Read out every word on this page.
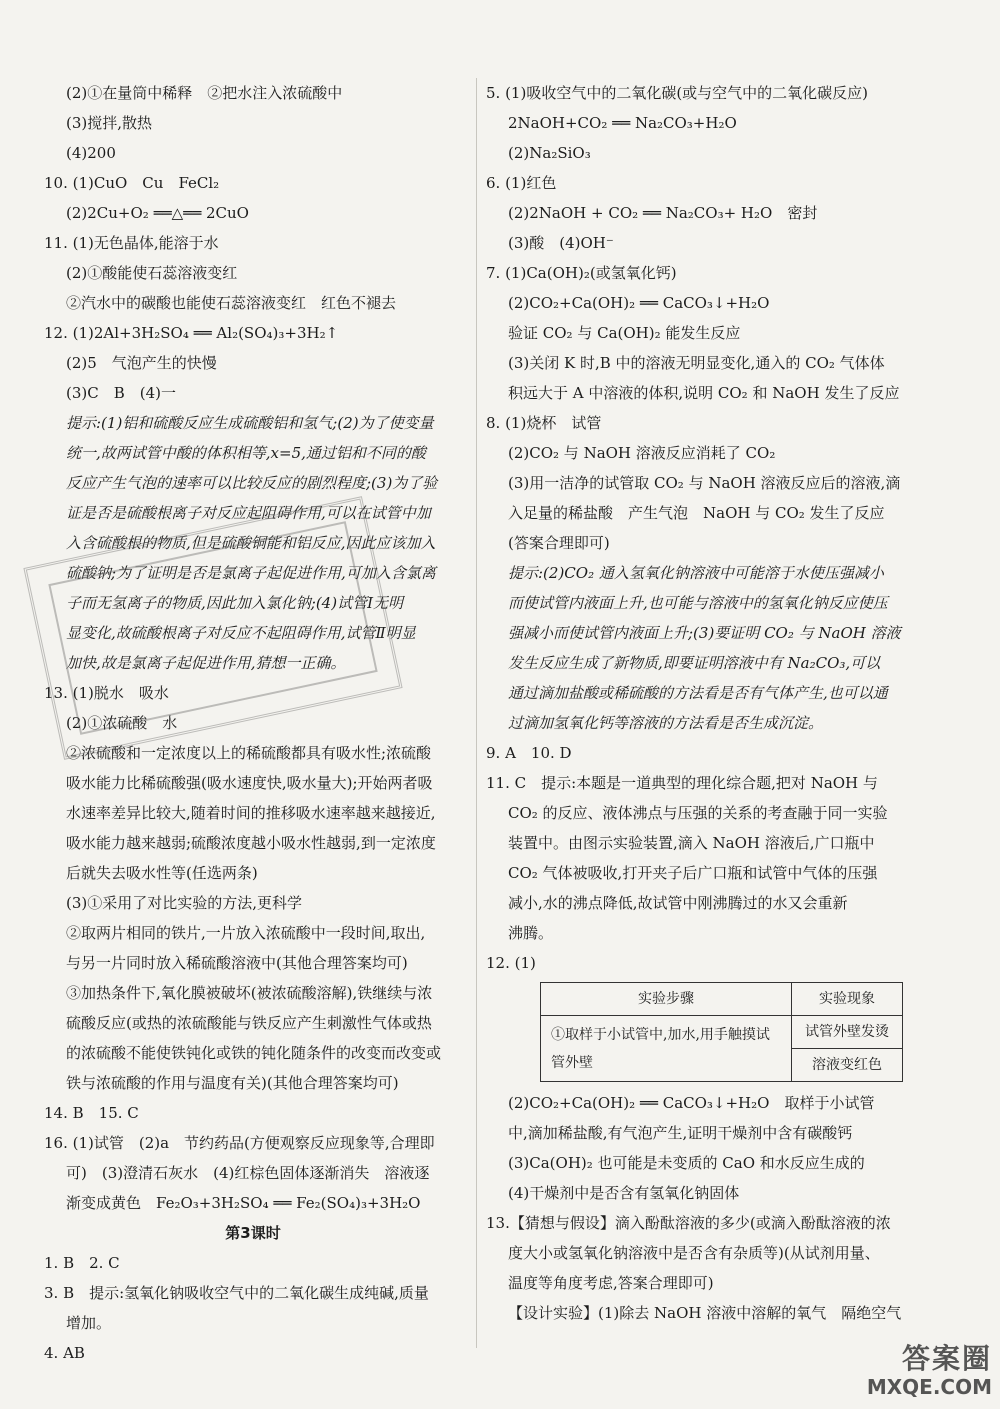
(2)①在量筒中稀释　②把水注入浓硫酸中
(3)搅拌,散热
(4)200
10. (1)CuO　Cu　FeCl₂
(2)2Cu+O₂ ══△══ 2CuO
11. (1)无色晶体,能溶于水
(2)①酸能使石蕊溶液变红
②汽水中的碳酸也能使石蕊溶液变红　红色不褪去
12. (1)2Al+3H₂SO₄ ══ Al₂(SO₄)₃+3H₂↑
(2)5　气泡产生的快慢
(3)C　B　(4)一
提示:(1)铝和硫酸反应生成硫酸铝和氢气;(2)为了使变量
统一,故两试管中酸的体积相等,x=5,通过铝和不同的酸
反应产生气泡的速率可以比较反应的剧烈程度;(3)为了验
证是否是硫酸根离子对反应起阻碍作用,可以在试管中加
入含硫酸根的物质,但是硫酸铜能和铝反应,因此应该加入
硫酸钠;为了证明是否是氯离子起促进作用,可加入含氯离
子而无氢离子的物质,因此加入氯化钠;(4)试管Ⅰ无明
显变化,故硫酸根离子对反应不起阻碍作用,试管Ⅱ明显
加快,故是氯离子起促进作用,猜想一正确。
13. (1)脱水　吸水
(2)①浓硫酸　水
②浓硫酸和一定浓度以上的稀硫酸都具有吸水性;浓硫酸
吸水能力比稀硫酸强(吸水速度快,吸水量大);开始两者吸
水速率差异比较大,随着时间的推移吸水速率越来越接近,
吸水能力越来越弱;硫酸浓度越小吸水性越弱,到一定浓度
后就失去吸水性等(任选两条)
(3)①采用了对比实验的方法,更科学
②取两片相同的铁片,一片放入浓硫酸中一段时间,取出,
与另一片同时放入稀硫酸溶液中(其他合理答案均可)
③加热条件下,氧化膜被破坏(被浓硫酸溶解),铁继续与浓
硫酸反应(或热的浓硫酸能与铁反应产生刺激性气体或热
的浓硫酸不能使铁钝化或铁的钝化随条件的改变而改变或
铁与浓硫酸的作用与温度有关)(其他合理答案均可)
14. B　15. C
16. (1)试管　(2)a　节约药品(方便观察反应现象等,合理即
可)　(3)澄清石灰水　(4)红棕色固体逐渐消失　溶液逐
渐变成黄色　Fe₂O₃+3H₂SO₄ ══ Fe₂(SO₄)₃+3H₂O
第3课时
1. B　2. C
3. B　提示:氢氧化钠吸收空气中的二氧化碳生成纯碱,质量
增加。
4. AB
5. (1)吸收空气中的二氧化碳(或与空气中的二氧化碳反应)
2NaOH+CO₂ ══ Na₂CO₃+H₂O
(2)Na₂SiO₃
6. (1)红色
(2)2NaOH + CO₂ ══ Na₂CO₃+ H₂O　密封
(3)酸　(4)OH⁻
7. (1)Ca(OH)₂(或氢氧化钙)
(2)CO₂+Ca(OH)₂ ══ CaCO₃↓+H₂O
验证 CO₂ 与 Ca(OH)₂ 能发生反应
(3)关闭 K 时,B 中的溶液无明显变化,通入的 CO₂ 气体体
积远大于 A 中溶液的体积,说明 CO₂ 和 NaOH 发生了反应
8. (1)烧杯　试管
(2)CO₂ 与 NaOH 溶液反应消耗了 CO₂
(3)用一洁净的试管取 CO₂ 与 NaOH 溶液反应后的溶液,滴
入足量的稀盐酸　产生气泡　NaOH 与 CO₂ 发生了反应
(答案合理即可)
提示:(2)CO₂ 通入氢氧化钠溶液中可能溶于水使压强减小
而使试管内液面上升,也可能与溶液中的氢氧化钠反应使压
强减小而使试管内液面上升;(3)要证明 CO₂ 与 NaOH 溶液
发生反应生成了新物质,即要证明溶液中有 Na₂CO₃,可以
通过滴加盐酸或稀硫酸的方法看是否有气体产生,也可以通
过滴加氢氧化钙等溶液的方法看是否生成沉淀。
9. A　10. D
11. C　提示:本题是一道典型的理化综合题,把对 NaOH 与
CO₂ 的反应、液体沸点与压强的关系的考查融于同一实验
装置中。由图示实验装置,滴入 NaOH 溶液后,广口瓶中
CO₂ 气体被吸收,打开夹子后广口瓶和试管中气体的压强
减小,水的沸点降低,故试管中刚沸腾过的水又会重新
沸腾。
12. (1)
实验步骤	实验现象
①取样于小试管中,加水,用手触摸试管外壁	试管外壁发烫
	溶液变红色
(2)CO₂+Ca(OH)₂ ══ CaCO₃↓+H₂O　取样于小试管
中,滴加稀盐酸,有气泡产生,证明干燥剂中含有碳酸钙
(3)Ca(OH)₂ 也可能是未变质的 CaO 和水反应生成的
(4)干燥剂中是否含有氢氧化钠固体
13.【猜想与假设】滴入酚酞溶液的多少(或滴入酚酞溶液的浓
度大小或氢氧化钠溶液中是否含有杂质等)(从试剂用量、
温度等角度考虑,答案合理即可)
【设计实验】(1)除去 NaOH 溶液中溶解的氧气　隔绝空气
答案圈
MXQE.COM
